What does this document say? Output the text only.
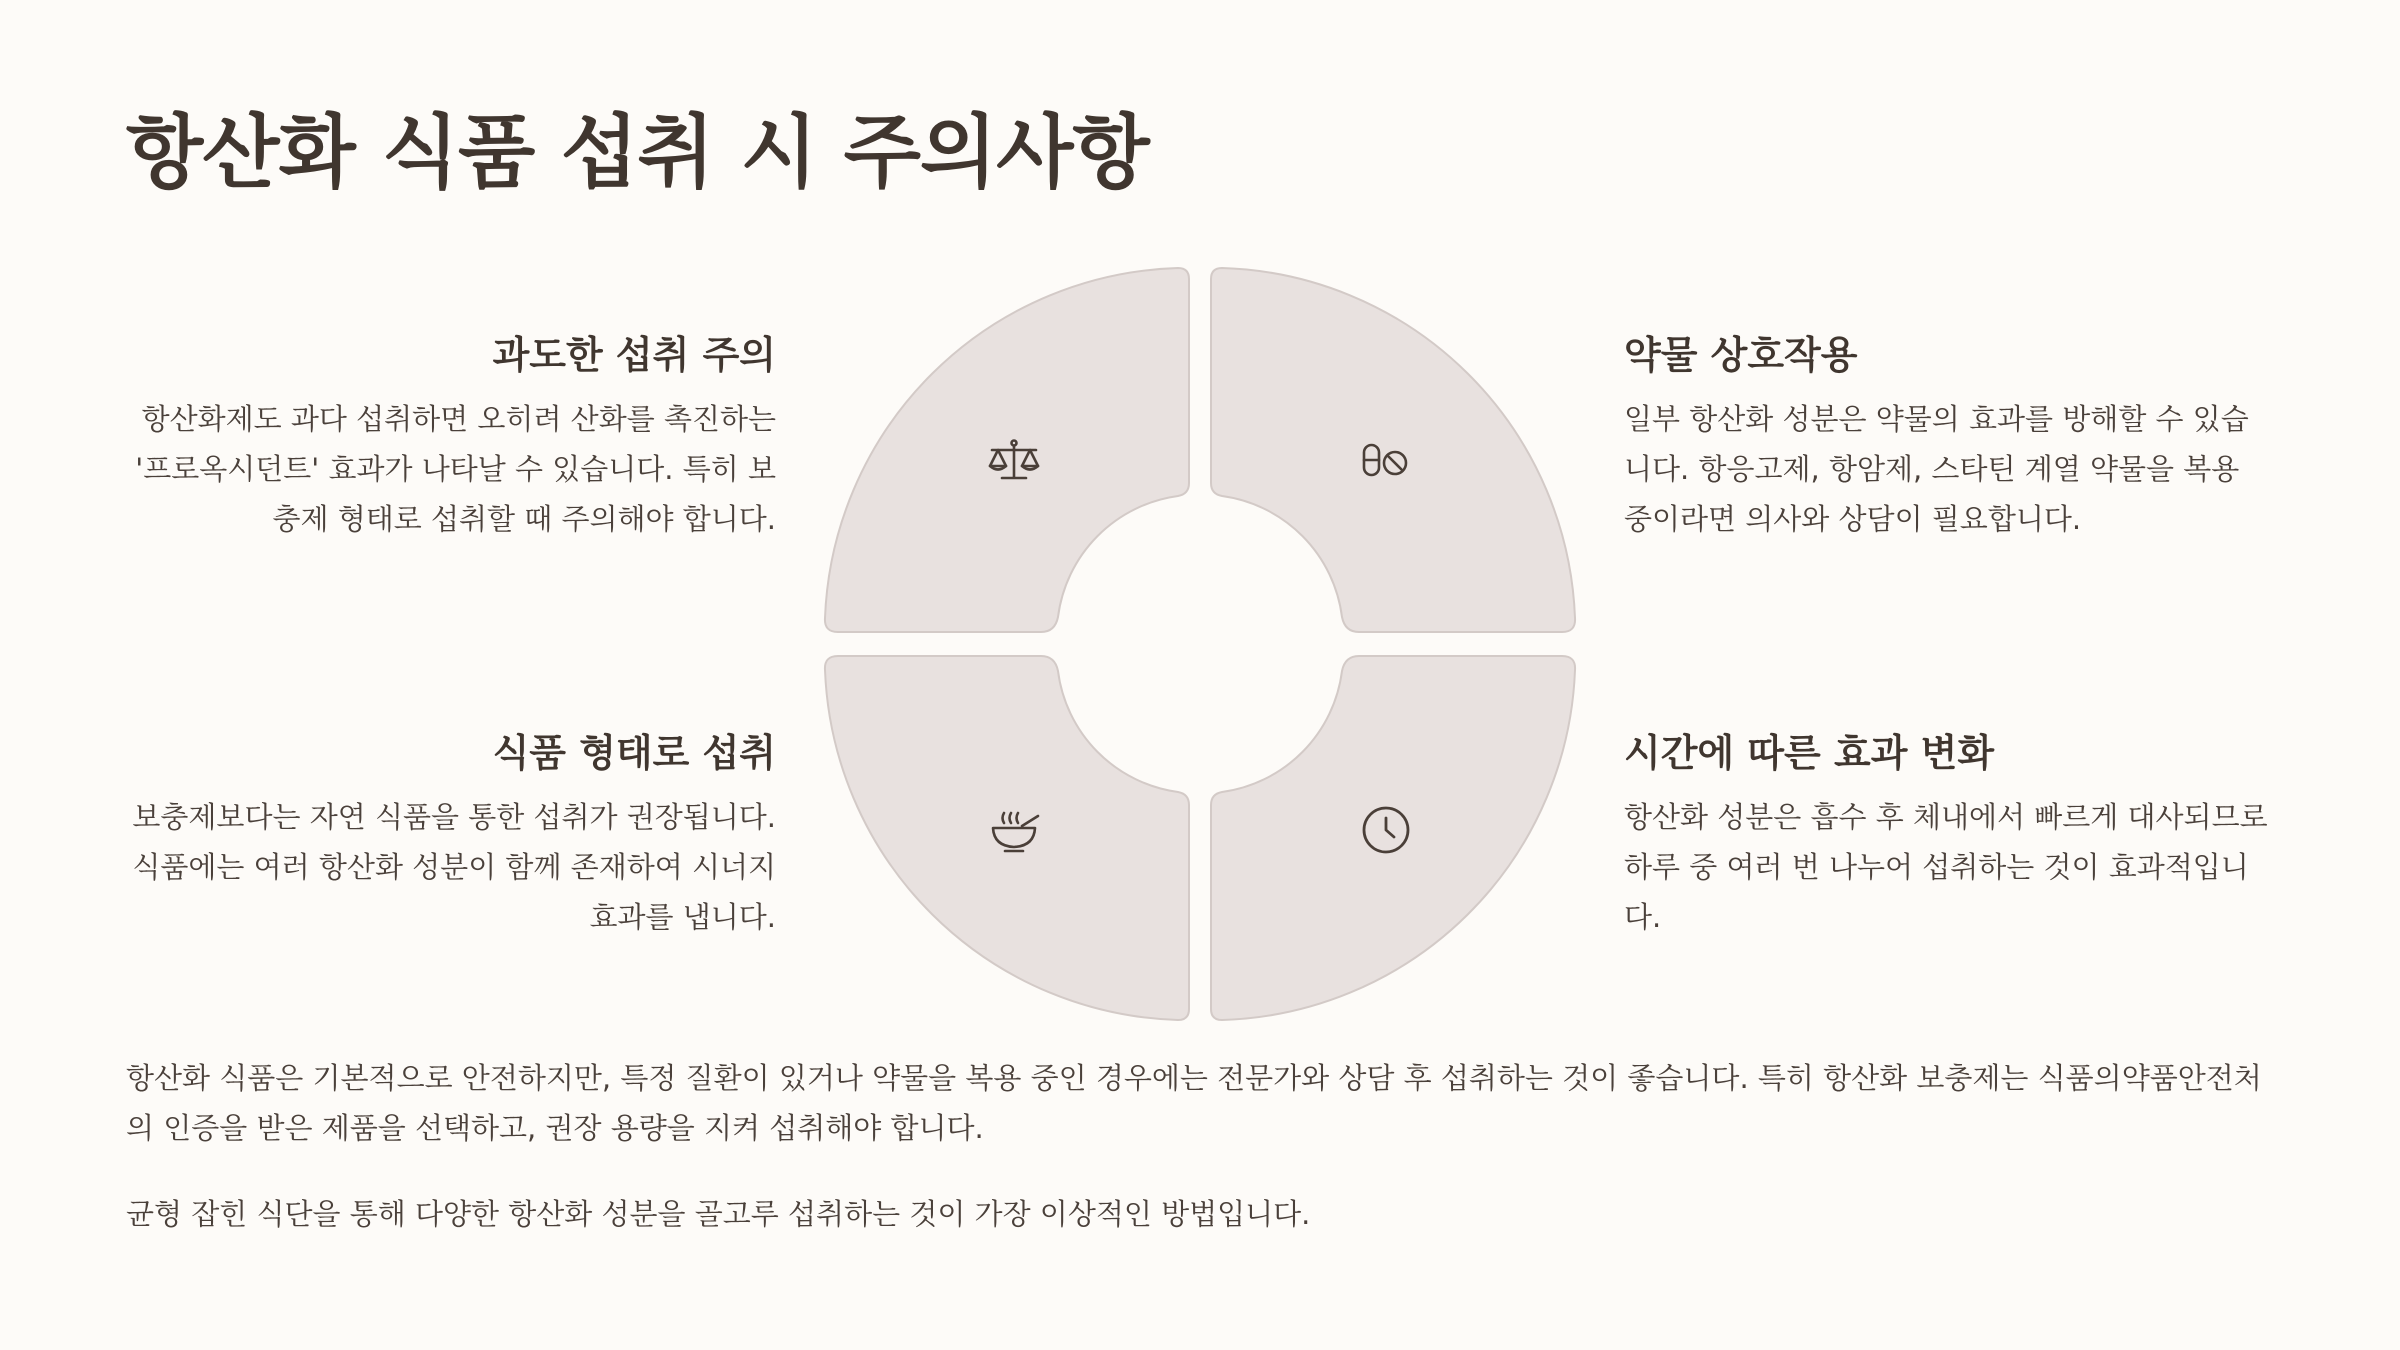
항산화 식품 섭취 시 주의사항
과도한 섭취 주의

항산화제도 과다 섭취하면 오히려 산화를 촉진하는 '프로옥시던트' 효과가 나타날 수 있습니다. 특히 보충제 형태로 섭취할 때 주의해야 합니다.

약물 상호작용

일부 항산화 성분은 약물의 효과를 방해할 수 있습니다. 항응고제, 항암제, 스타틴 계열 약물을 복용 중이라면 의사와 상담이 필요합니다.

식품 형태로 섭취

보충제보다는 자연 식품을 통한 섭취가 권장됩니다. 식품에는 여러 항산화 성분이 함께 존재하여 시너지 효과를 냅니다.

시간에 따른 효과 변화

항산화 성분은 흡수 후 체내에서 빠르게 대사되므로 하루 중 여러 번 나누어 섭취하는 것이 효과적입니다.

항산화 식품은 기본적으로 안전하지만, 특정 질환이 있거나 약물을 복용 중인 경우에는 전문가와 상담 후 섭취하는 것이 좋습니다. 특히 항산화 보충제는 식품의약품안전처의 인증을 받은 제품을 선택하고, 권장 용량을 지켜 섭취해야 합니다.

균형 잡힌 식단을 통해 다양한 항산화 성분을 골고루 섭취하는 것이 가장 이상적인 방법입니다.
